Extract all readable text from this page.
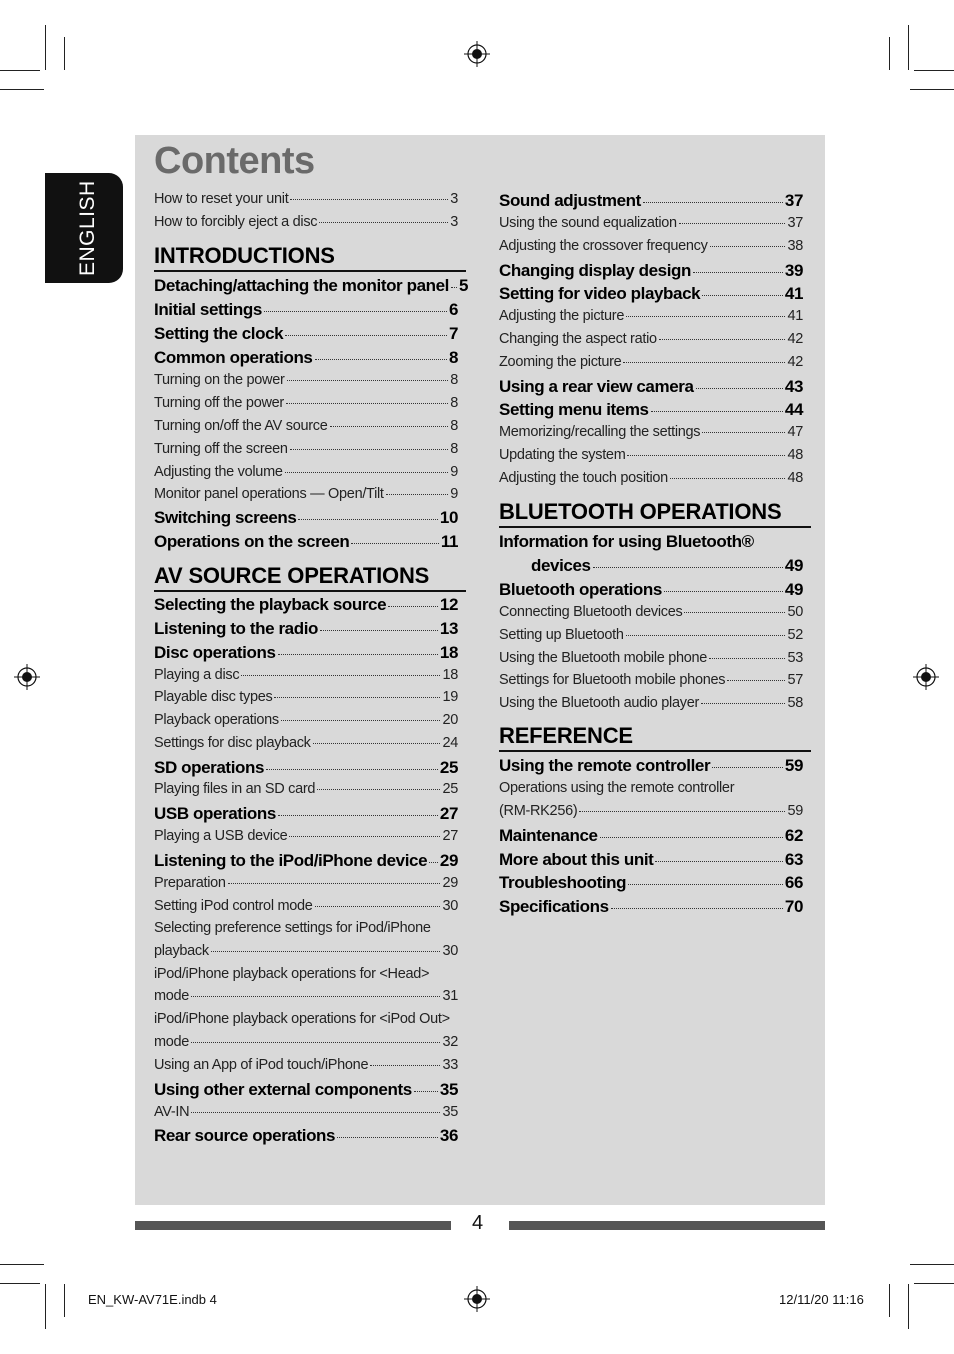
ENGLISH
Contents
How to reset your unit	3
How to forcibly eject a disc	3
INTRODUCTIONS
Detaching/attaching the monitor panel 5
Initial settings	6
Setting the clock	7
Common operations	8
Turning on the power	8
Turning off the power	8
Turning on/off the AV source	8
Turning off the screen	8
Adjusting the volume	9
Monitor panel operations — Open/Tilt	9
Switching screens	10
Operations on the screen	11
AV SOURCE OPERATIONS
Selecting the playback source	12
Listening to the radio	13
Disc operations	18
Playing a disc	18
Playable disc types	19
Playback operations	20
Settings for disc playback	24
SD operations	25
Playing files in an SD card	25
USB operations	27
Playing a USB device	27
Listening to the iPod/iPhone device 29
Preparation	29
Setting iPod control mode	30
Selecting preference settings for iPod/iPhone
playback	30
iPod/iPhone playback operations for <Head>
mode	31
iPod/iPhone playback operations for <iPod Out>
mode	32
Using an App of iPod touch/iPhone	33
Using other external components 35
AV-IN	35
Rear source operations	36
Sound adjustment	37
Using the sound equalization	37
Adjusting the crossover frequency	38
Changing display design	39
Setting for video playback	41
Adjusting the picture	41
Changing the aspect ratio	42
Zooming the picture	42
Using a rear view camera	43
Setting menu items	44
Memorizing/recalling the settings	47
Updating the system	48
Adjusting the touch position	48
BLUETOOTH OPERATIONS
Information for using Bluetooth®
devices	49
Bluetooth operations	49
Connecting Bluetooth devices	50
Setting up Bluetooth	52
Using the Bluetooth mobile phone	53
Settings for Bluetooth mobile phones	57
Using the Bluetooth audio player	58
REFERENCE
Using the remote controller	59
Operations using the remote controller
(RM-RK256)	59
Maintenance	62
More about this unit	63
Troubleshooting	66
Specifications	70
4
EN_KW-AV71E.indb 4	12/11/20 11:16
